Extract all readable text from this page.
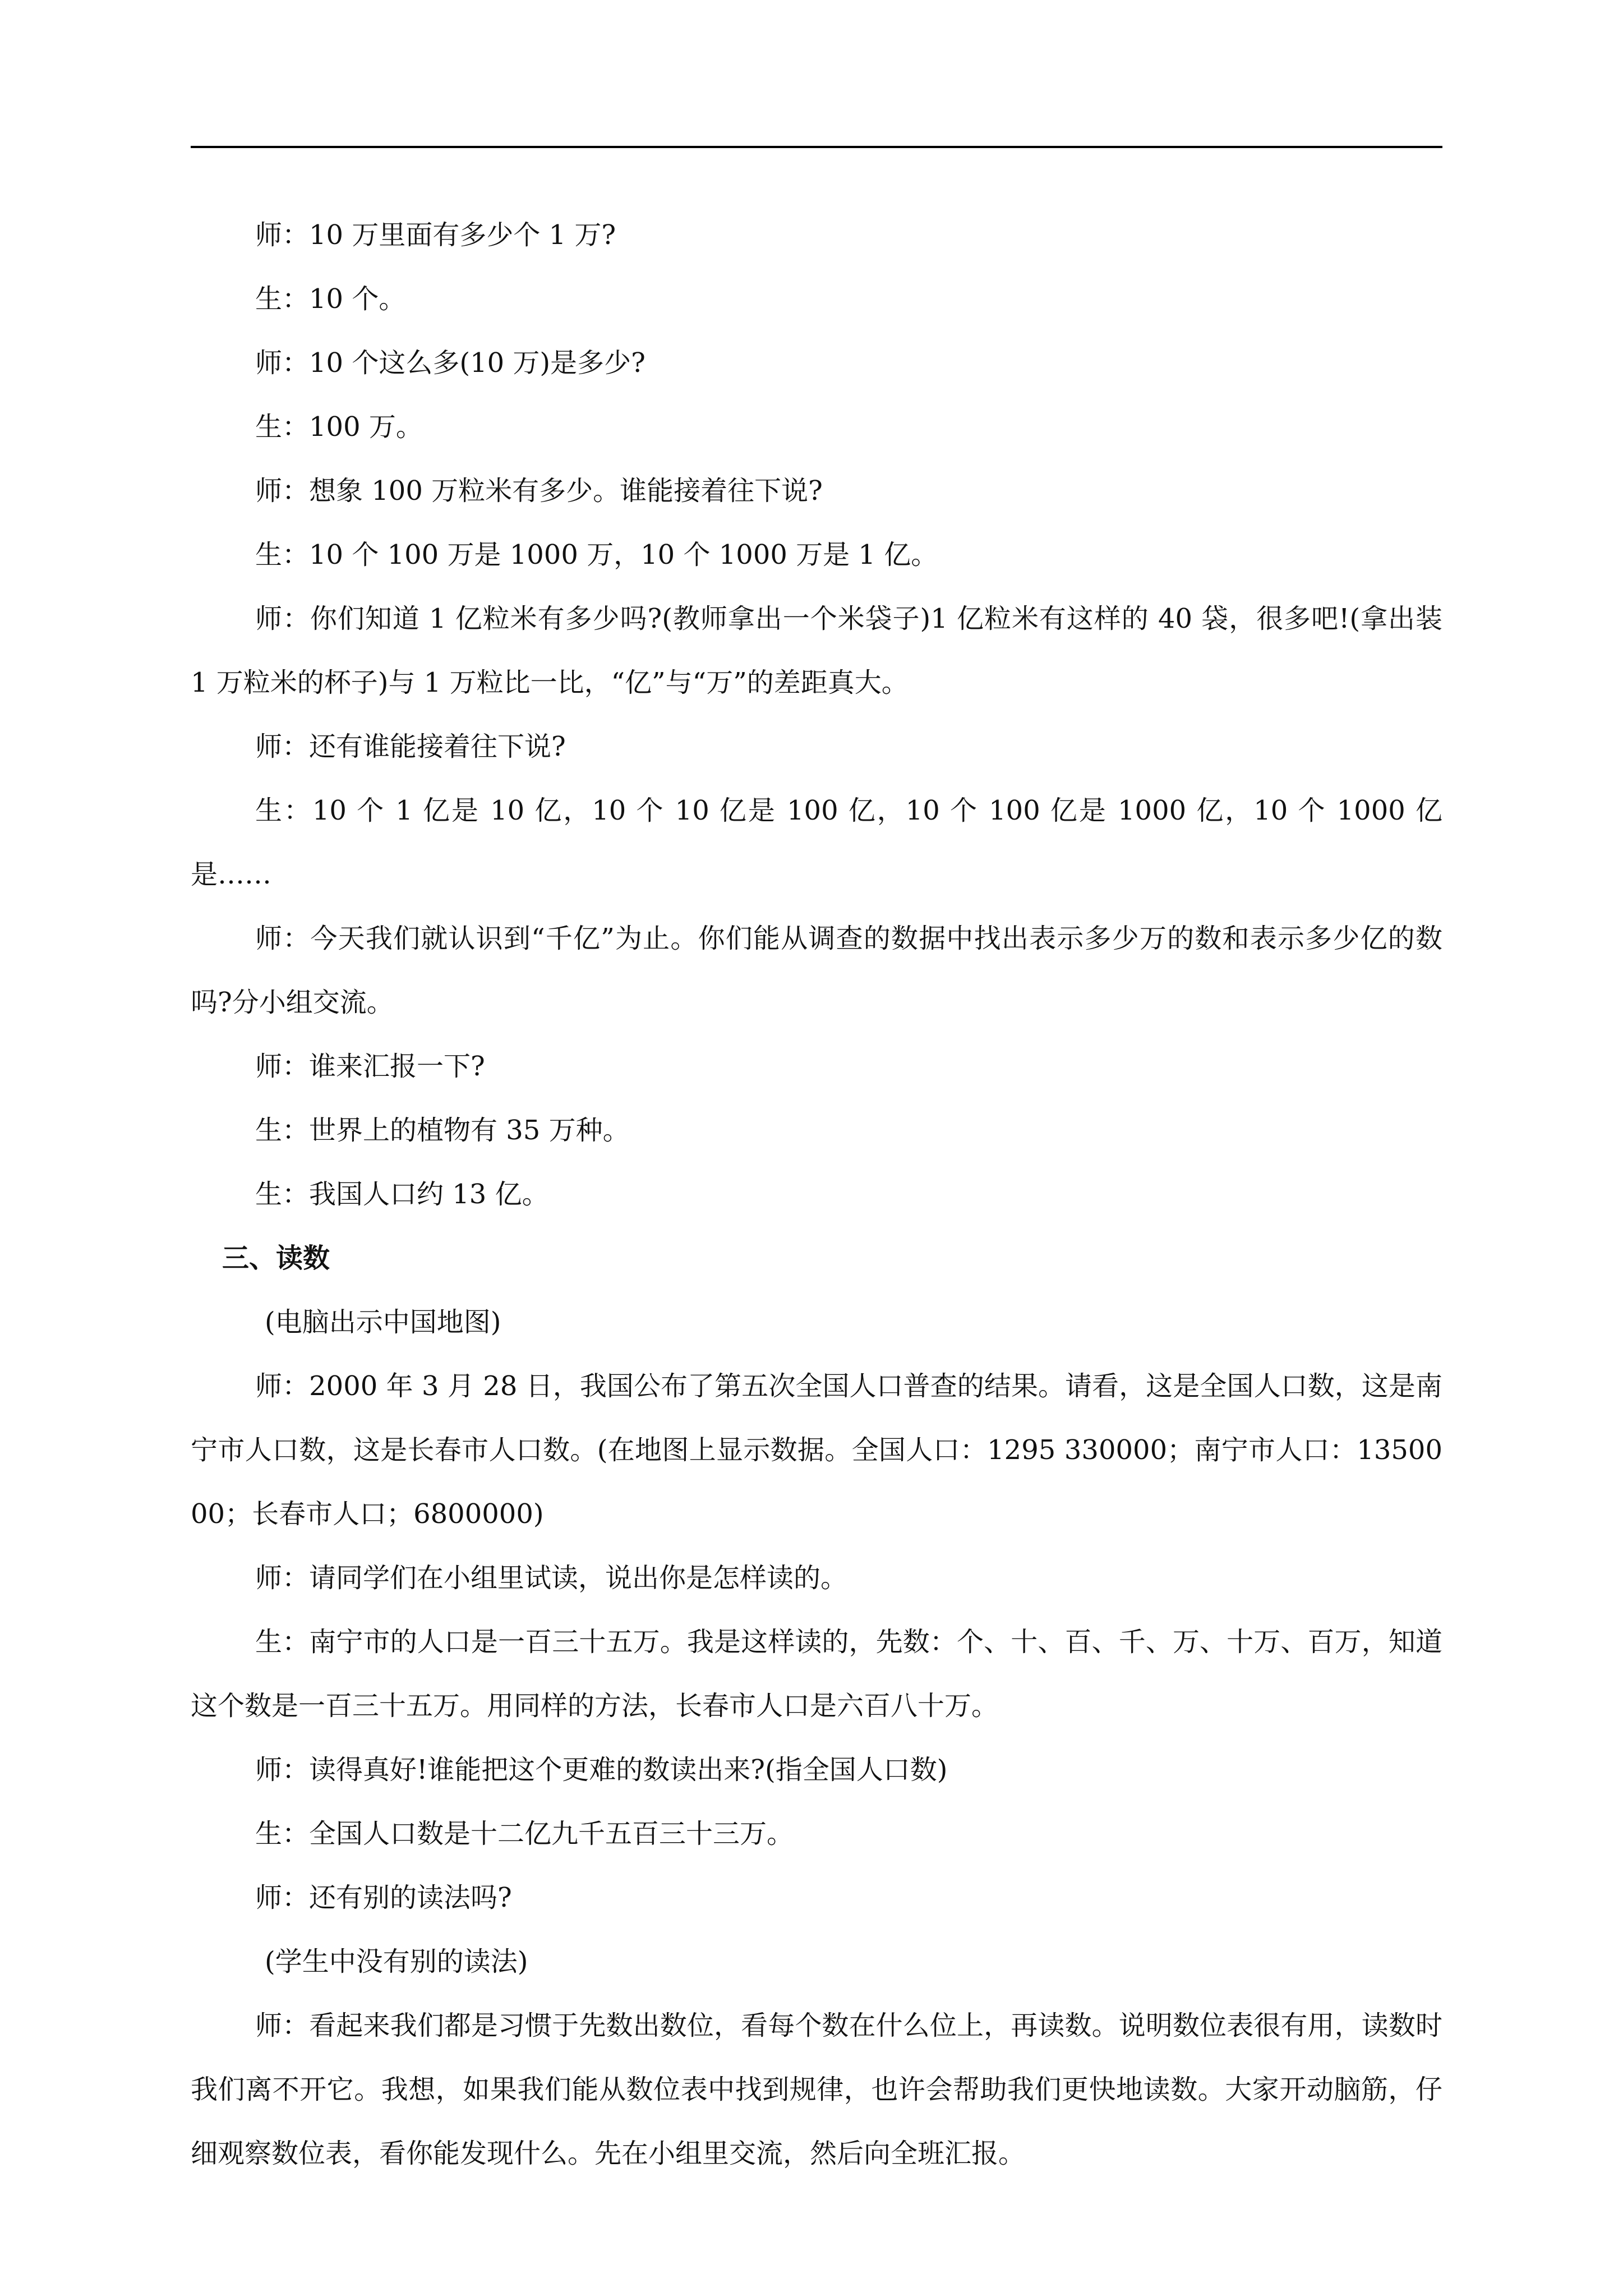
师：10 万里面有多少个 1 万?

生：10 个。

师：10 个这么多(10 万)是多少?

生：100 万。

师：想象 100 万粒米有多少。谁能接着往下说?

生：10 个 100 万是 1000 万，10 个 1000 万是 1 亿。

师：你们知道 1 亿粒米有多少吗?(教师拿出一个米袋子)1 亿粒米有这样的 40 袋，很多吧!(拿出装 1 万粒米的杯子)与 1 万粒比一比，“亿”与“万”的差距真大。

师：还有谁能接着往下说?

生：10 个 1 亿是 10 亿，10 个 10 亿是 100 亿，10 个 100 亿是 1000 亿，10 个 1000 亿是……

师：今天我们就认识到“千亿”为止。你们能从调查的数据中找出表示多少万的数和表示多少亿的数吗?分小组交流。

师：谁来汇报一下?

生：世界上的植物有 35 万种。

生：我国人口约 13 亿。

三、读数

(电脑出示中国地图)

师：2000 年 3 月 28 日，我国公布了第五次全国人口普查的结果。请看，这是全国人口数，这是南宁市人口数，这是长春市人口数。(在地图上显示数据。全国人口：1295 330000；南宁市人口：1350000；长春市人口；6800000)

师：请同学们在小组里试读，说出你是怎样读的。

生：南宁市的人口是一百三十五万。我是这样读的，先数：个、十、百、千、万、十万、百万，知道这个数是一百三十五万。用同样的方法，长春市人口是六百八十万。

师：读得真好!谁能把这个更难的数读出来?(指全国人口数)

生：全国人口数是十二亿九千五百三十三万。

师：还有别的读法吗?

(学生中没有别的读法)

师：看起来我们都是习惯于先数出数位，看每个数在什么位上，再读数。说明数位表很有用，读数时我们离不开它。我想，如果我们能从数位表中找到规律，也许会帮助我们更快地读数。大家开动脑筋，仔细观察数位表，看你能发现什么。先在小组里交流，然后向全班汇报。
